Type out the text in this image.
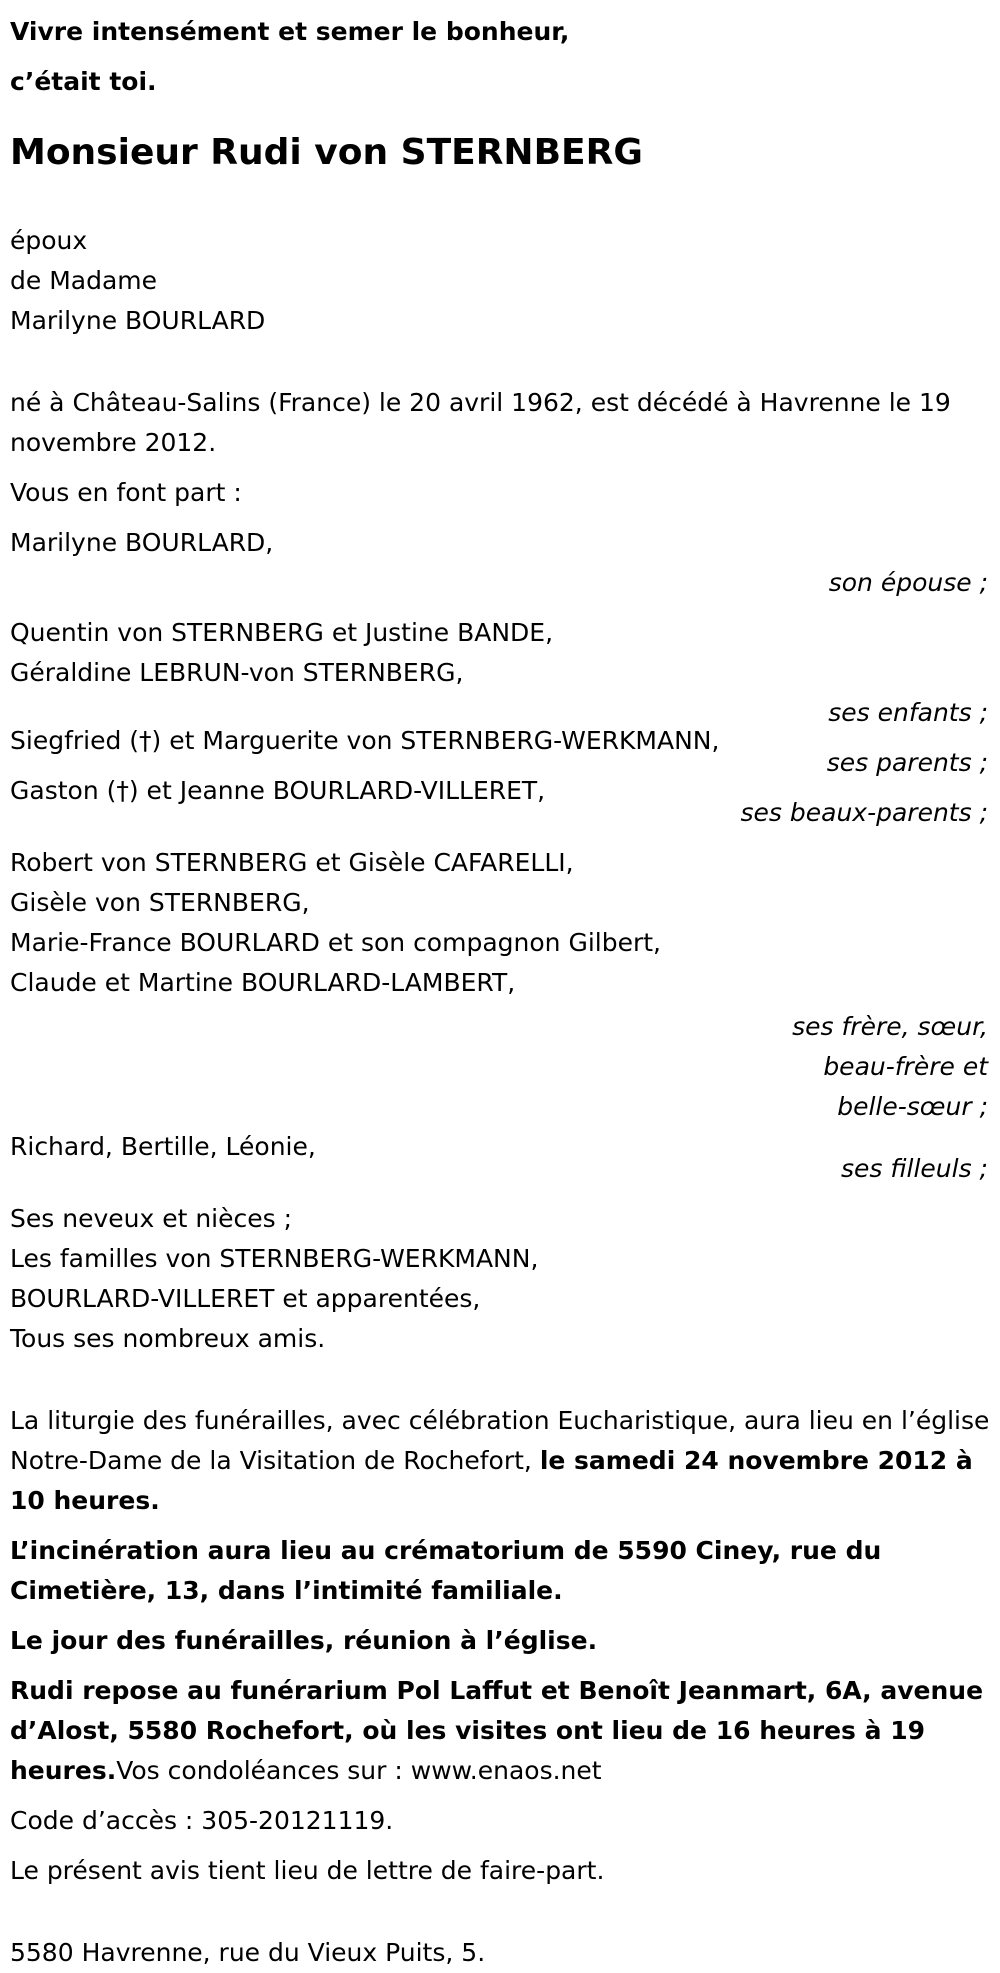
Vivre intensément et semer le bonheur,
c’était toi.
Monsieur Rudi von STERNBERG
époux
de Madame
Marilyne BOURLARD
né à Château-Salins (France) le 20 avril 1962, est décédé à Havrenne le 19 novembre 2012.
Vous en font part :
Marilyne BOURLARD,
son épouse ;
Quentin von STERNBERG et Justine BANDE,
Géraldine LEBRUN-von STERNBERG,
ses enfants ;
Siegfried (†) et Marguerite von STERNBERG-WERKMANN,
ses parents ;
Gaston (†) et Jeanne BOURLARD-VILLERET,
ses beaux-parents ;
Robert von STERNBERG et Gisèle CAFARELLI,
Gisèle von STERNBERG,
Marie-France BOURLARD et son compagnon Gilbert,
Claude et Martine BOURLARD-LAMBERT,
ses frère, sœur,
beau-frère et
belle-sœur ;
Richard, Bertille, Léonie,
ses filleuls ;
Ses neveux et nièces ;
Les familles von STERNBERG-WERKMANN,
BOURLARD-VILLERET et apparentées,
Tous ses nombreux amis.
La liturgie des funérailles, avec célébration Eucharistique, aura lieu en l’église Notre-Dame de la Visitation de Rochefort, le samedi 24 novembre 2012 à 10 heures.
L’incinération aura lieu au crématorium de 5590 Ciney, rue du Cimetière, 13, dans l’intimité familiale.
Le jour des funérailles, réunion à l’église.
Rudi repose au funérarium Pol Laffut et Benoît Jeanmart, 6A, avenue d’Alost, 5580 Rochefort, où les visites ont lieu de 16 heures à 19 heures.Vos condoléances sur : www.enaos.net
Code d’accès : 305-20121119.
Le présent avis tient lieu de lettre de faire-part.
5580 Havrenne, rue du Vieux Puits, 5.
